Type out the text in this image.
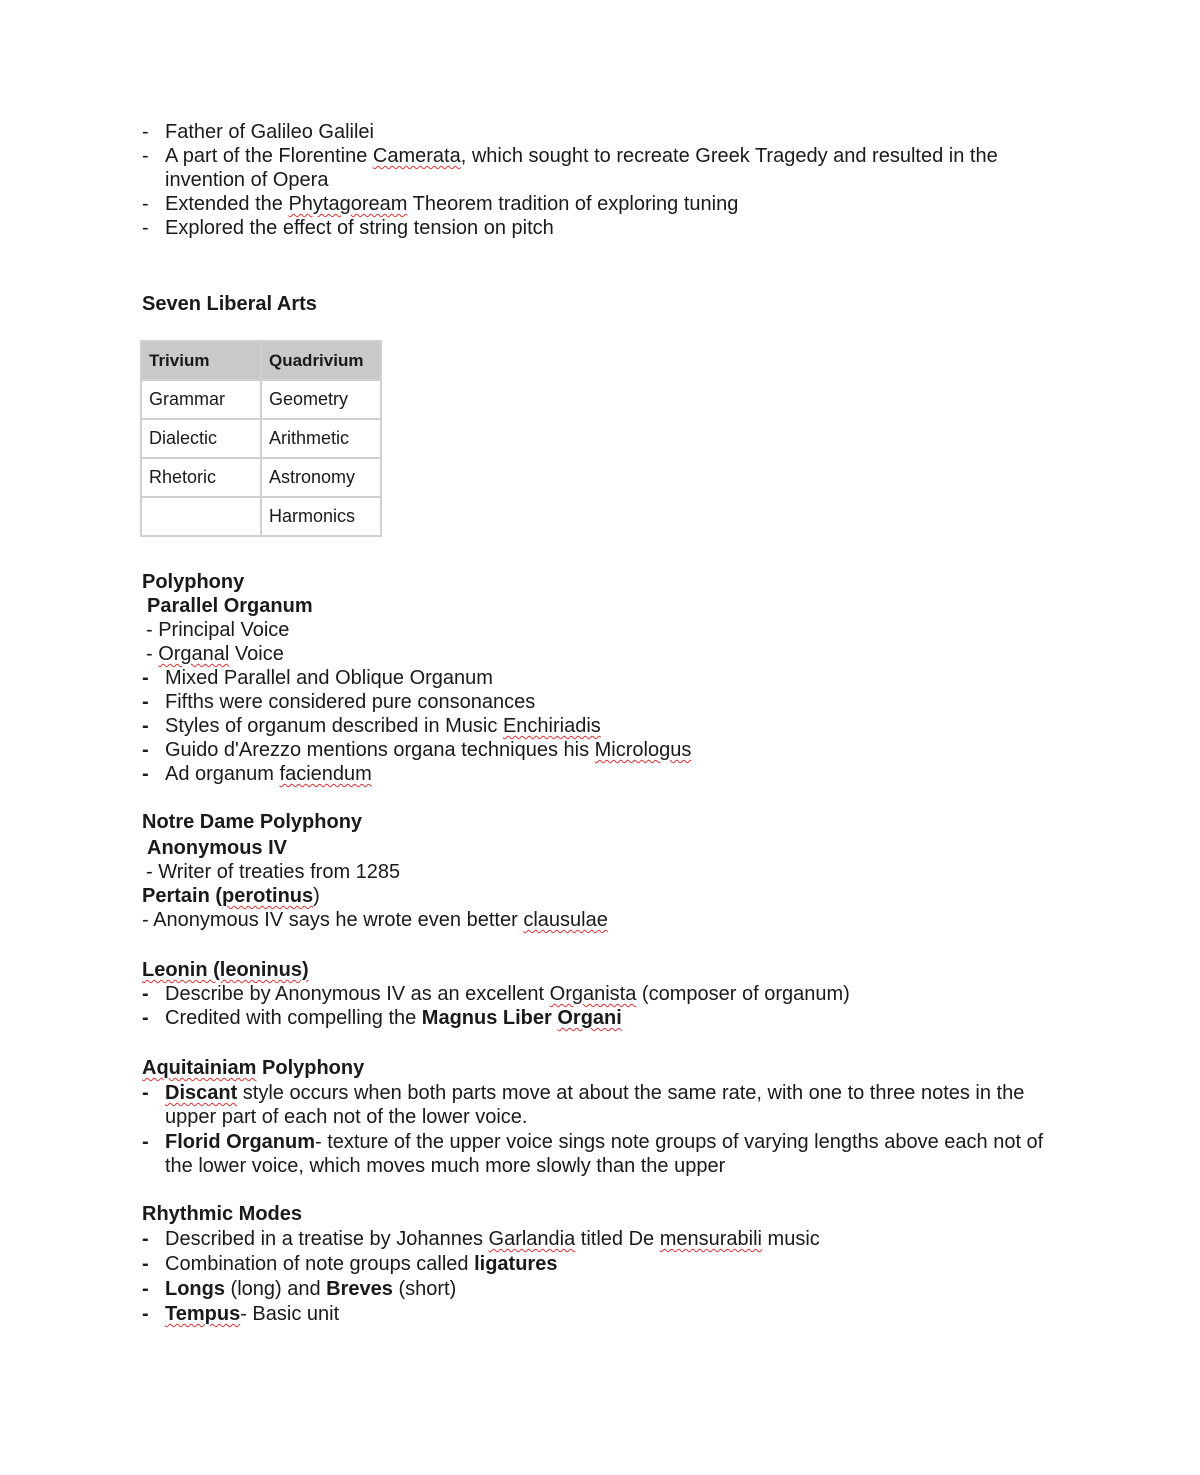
- Father of Galileo Galilei
- A part of the Florentine Camerata, which sought to recreate Greek Tragedy and resulted in the invention of Opera
- Extended the Phytagoream Theorem tradition of exploring tuning
- Explored the effect of string tension on pitch
Seven Liberal Arts
Trivium	Quadrivium
Grammar	Geometry
Dialectic	Arithmetic
Rhetoric	Astronomy
	Harmonics
Polyphony
Parallel Organum
- Principal Voice
- Organal Voice
- Mixed Parallel and Oblique Organum
- Fifths were considered pure consonances
- Styles of organum described in Music Enchiriadis
- Guido d'Arezzo mentions organa techniques his Micrologus
- Ad organum faciendum
Notre Dame Polyphony
Anonymous IV
- Writer of treaties from 1285
Pertain (perotinus)
- Anonymous IV says he wrote even better clausulae
Leonin (leoninus)
- Describe by Anonymous IV as an excellent Organista (composer of organum)
- Credited with compelling the Magnus Liber Organi
Aquitainiam Polyphony
- Discant style occurs when both parts move at about the same rate, with one to three notes in the upper part of each not of the lower voice.
- Florid Organum- texture of the upper voice sings note groups of varying lengths above each not of the lower voice, which moves much more slowly than the upper
Rhythmic Modes
- Described in a treatise by Johannes Garlandia titled De mensurabili music
- Combination of note groups called ligatures
- Longs (long) and Breves (short)
- Tempus- Basic unit
